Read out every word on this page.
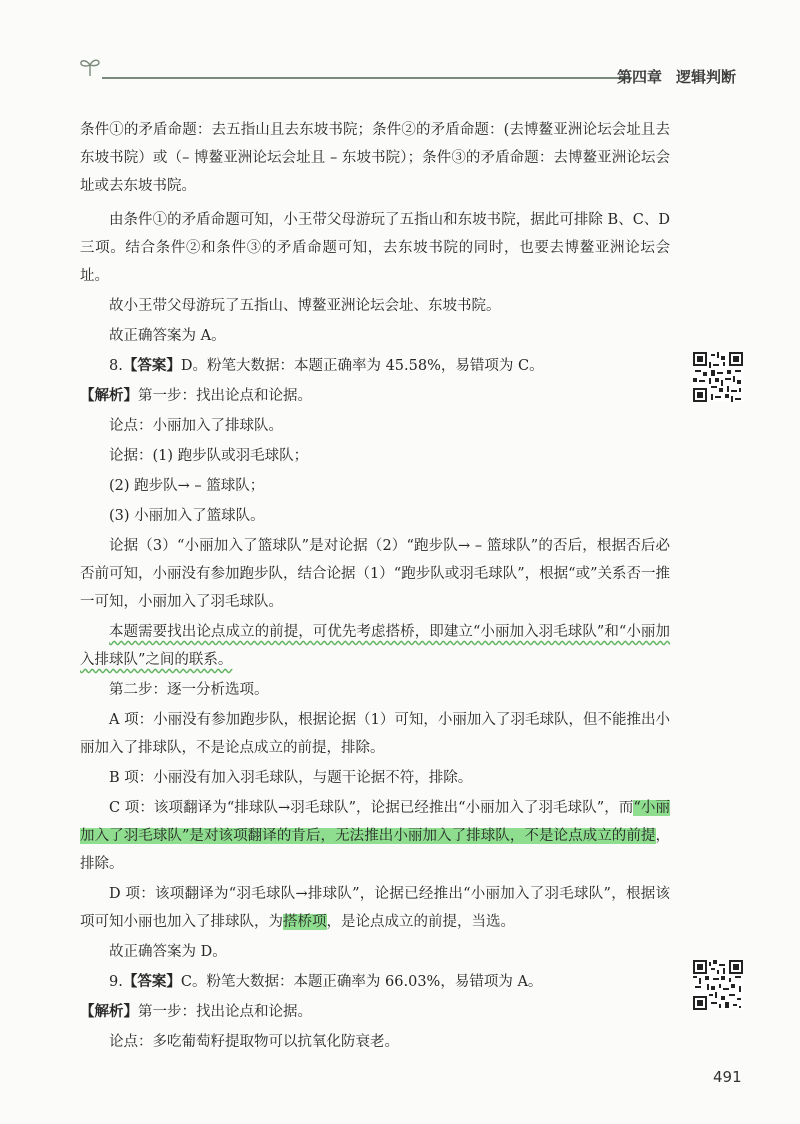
第四章 逻辑判断

条件①的矛盾命题：去五指山且去东坡书院；条件②的矛盾命题：(去博鳌亚洲论坛会址且去东坡书院）或（– 博鳌亚洲论坛会址且 – 东坡书院）；条件③的矛盾命题：去博鳌亚洲论坛会址或去东坡书院。

由条件①的矛盾命题可知，小王带父母游玩了五指山和东坡书院，据此可排除 B、C、D 三项。结合条件②和条件③的矛盾命题可知，去东坡书院的同时，也要去博鳌亚洲论坛会址。

故小王带父母游玩了五指山、博鳌亚洲论坛会址、东坡书院。

故正确答案为 A。

8.【答案】D。粉笔大数据：本题正确率为 45.58%，易错项为 C。

【解析】第一步：找出论点和论据。

论点：小丽加入了排球队。

论据：(1) 跑步队或羽毛球队；

(2) 跑步队→ – 篮球队；

(3) 小丽加入了篮球队。

论据（3）“小丽加入了篮球队”是对论据（2）“跑步队→ – 篮球队”的否后，根据否后必否前可知，小丽没有参加跑步队，结合论据（1）“跑步队或羽毛球队”，根据“或”关系否一推一可知，小丽加入了羽毛球队。

本题需要找出论点成立的前提，可优先考虑搭桥，即建立“小丽加入羽毛球队”和“小丽加入排球队”之间的联系。

第二步：逐一分析选项。

A 项：小丽没有参加跑步队，根据论据（1）可知，小丽加入了羽毛球队，但不能推出小丽加入了排球队，不是论点成立的前提，排除。

B 项：小丽没有加入羽毛球队，与题干论据不符，排除。

C 项：该项翻译为“排球队→羽毛球队”，论据已经推出“小丽加入了羽毛球队”，而“小丽加入了羽毛球队”是对该项翻译的肯后，无法推出小丽加入了排球队，不是论点成立的前提，排除。

D 项：该项翻译为“羽毛球队→排球队”，论据已经推出“小丽加入了羽毛球队”，根据该项可知小丽也加入了排球队，为搭桥项，是论点成立的前提，当选。

故正确答案为 D。

9.【答案】C。粉笔大数据：本题正确率为 66.03%，易错项为 A。

【解析】第一步：找出论点和论据。

论点：多吃葡萄籽提取物可以抗氧化防衰老。

491
